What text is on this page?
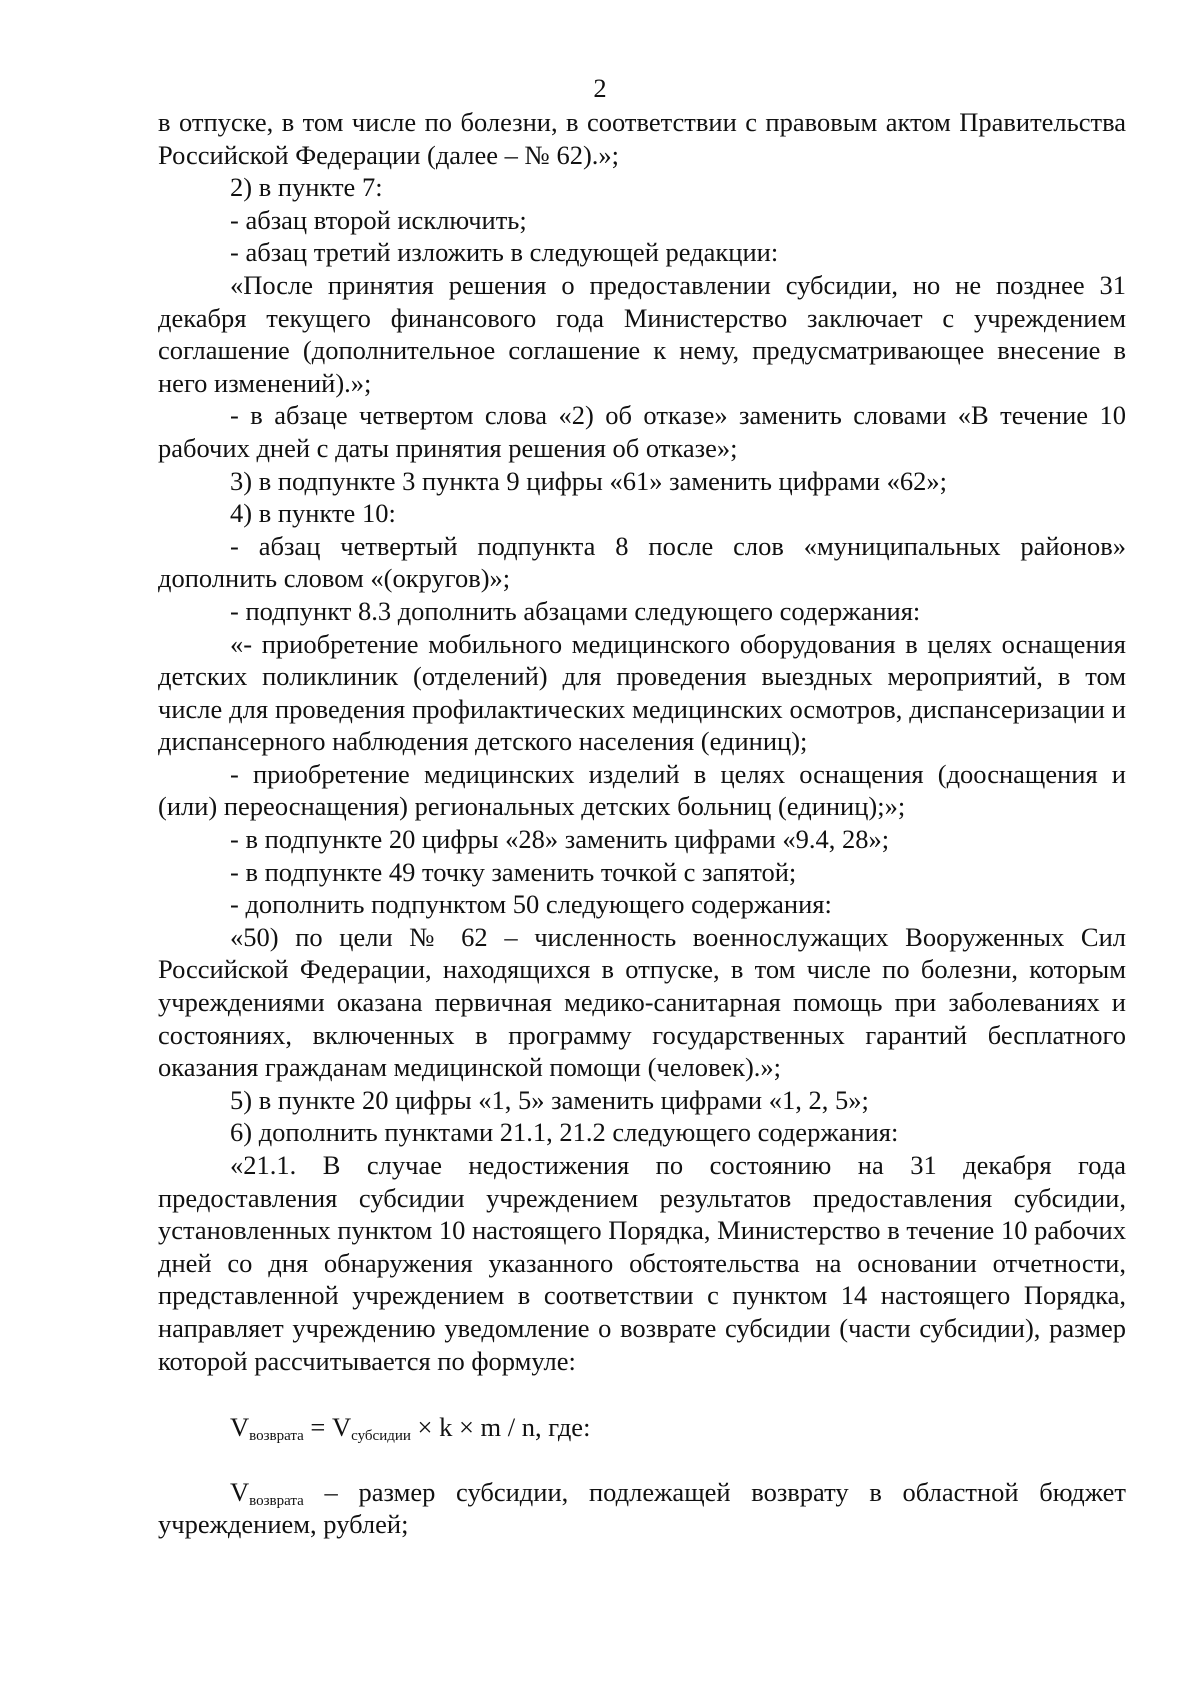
2

в отпуске, в том числе по болезни, в соответствии с правовым актом Правительства Российской Федерации (далее – № 62).»;

2) в пункте 7:

- абзац второй исключить;

- абзац третий изложить в следующей редакции:

«После принятия решения о предоставлении субсидии, но не позднее 31 декабря текущего финансового года Министерство заключает с учреждением соглашение (дополнительное соглашение к нему, предусматривающее внесение в него изменений).»;

- в абзаце четвертом слова «2) об отказе» заменить словами «В течение 10 рабочих дней с даты принятия решения об отказе»;

3) в подпункте 3 пункта 9 цифры «61» заменить цифрами «62»;

4) в пункте 10:

- абзац четвертый подпункта 8 после слов «муниципальных районов» дополнить словом «(округов)»;

- подпункт 8.3 дополнить абзацами следующего содержания:

«- приобретение мобильного медицинского оборудования в целях оснащения детских поликлиник (отделений) для проведения выездных мероприятий, в том числе для проведения профилактических медицинских осмотров, диспансеризации и диспансерного наблюдения детского населения (единиц);

- приобретение медицинских изделий в целях оснащения (дооснащения и (или) переоснащения) региональных детских больниц (единиц);»;

- в подпункте 20 цифры «28» заменить цифрами «9.4, 28»;

- в подпункте 49 точку заменить точкой с запятой;

- дополнить подпунктом 50 следующего содержания:

«50) по цели № 62 – численность военнослужащих Вооруженных Сил Российской Федерации, находящихся в отпуске, в том числе по болезни, которым учреждениями оказана первичная медико-санитарная помощь при заболеваниях и состояниях, включенных в программу государственных гарантий бесплатного оказания гражданам медицинской помощи (человек).»;

5) в пункте 20 цифры «1, 5» заменить цифрами «1, 2, 5»;

6) дополнить пунктами 21.1, 21.2 следующего содержания:

«21.1. В случае недостижения по состоянию на 31 декабря года предоставления субсидии учреждением результатов предоставления субсидии, установленных пунктом 10 настоящего Порядка, Министерство в течение 10 рабочих дней со дня обнаружения указанного обстоятельства на основании отчетности, представленной учреждением в соответствии с пунктом 14 настоящего Порядка, направляет учреждению уведомление о возврате субсидии (части субсидии), размер которой рассчитывается по формуле:

$V_{возврата} = V_{субсидии} \times k \times m / n$, где:

$V_{возврата}$ – размер субсидии, подлежащей возврату в областной бюджет учреждением, рублей;
